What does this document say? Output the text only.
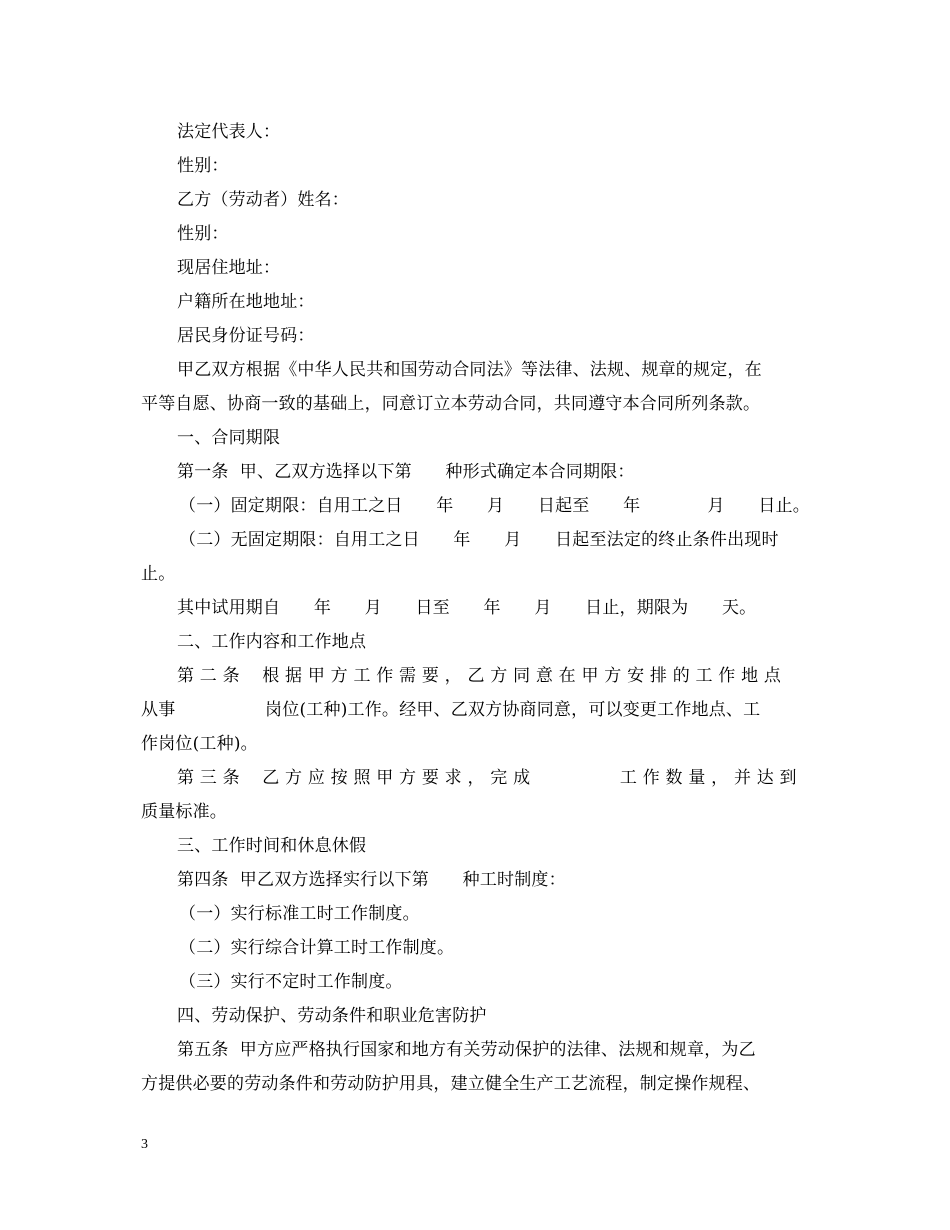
法定代表人：
性别：
乙方（劳动者）姓名：
性别：
现居住地址：
户籍所在地地址：
居民身份证号码：
甲乙双方根据《中华人民共和国劳动合同法》等法律、法规、规章的规定，在
平等自愿、协商一致的基础上，同意订立本劳动合同，共同遵守本合同所列条款。
一、合同期限
第一条  甲、乙双方选择以下第      种形式确定本合同期限：
（一）固定期限：自用工之日      年      月      日起至      年            月      日止。
（二）无固定期限：自用工之日      年      月      日起至法定的终止条件出现时
止。
其中试用期自      年      月      日至      年      月      日止，期限为      天。
二、工作内容和工作地点
第 二 条    根 据 甲 方 工 作 需 要 ， 乙 方 同 意 在 甲 方 安 排 的 工 作 地 点
从事                岗位(工种)工作。经甲、乙双方协商同意，可以变更工作地点、工
作岗位(工种)。
第 三 条    乙 方 应 按 照 甲 方 要 求 ， 完 成                工 作 数 量 ， 并 达 到
质量标准。
三、工作时间和休息休假
第四条  甲乙双方选择实行以下第      种工时制度：
（一）实行标准工时工作制度。
（二）实行综合计算工时工作制度。
（三）实行不定时工作制度。
四、劳动保护、劳动条件和职业危害防护
第五条  甲方应严格执行国家和地方有关劳动保护的法律、法规和规章，为乙
方提供必要的劳动条件和劳动防护用具，建立健全生产工艺流程，制定操作规程、
3
